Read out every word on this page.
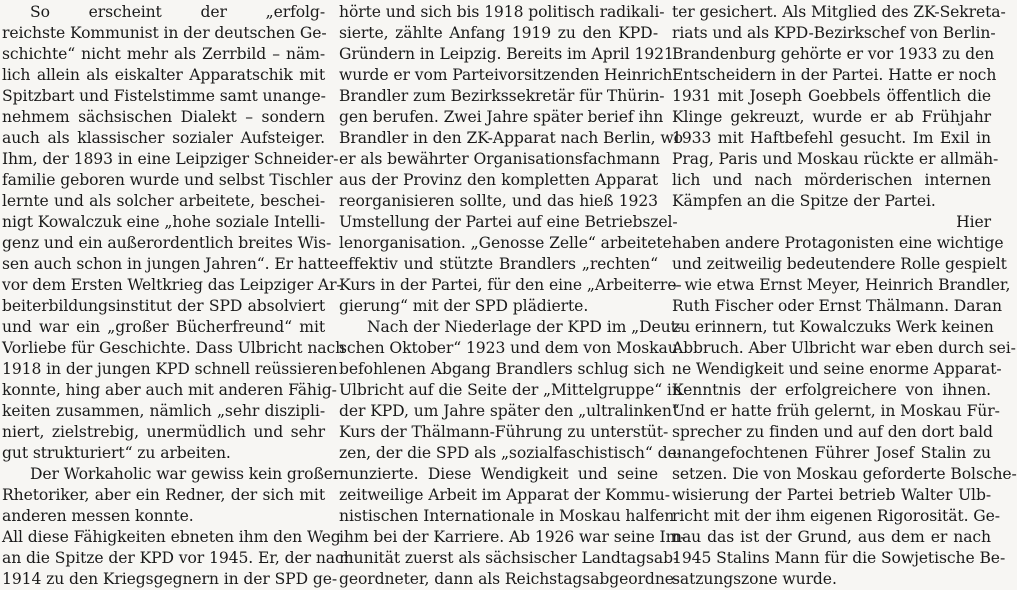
So erscheint der „erfolg-
reichste Kommunist in der deutschen Ge-
schichte“ nicht mehr als Zerrbild – näm-
lich allein als eiskalter Apparatschik mit
Spitzbart und Fistelstimme samt unange-
nehmem sächsischen Dialekt – sondern
auch als klassischer sozialer Aufsteiger.
Ihm, der 1893 in eine Leipziger Schneider-
familie geboren wurde und selbst Tischler
lernte und als solcher arbeitete, beschei-
nigt Kowalczuk eine „hohe soziale Intelli-
genz und ein außerordentlich breites Wis-
sen auch schon in jungen Jahren“. Er hatte
vor dem Ersten Weltkrieg das Leipziger Ar-
beiterbildungsinstitut der SPD absolviert
und war ein „großer Bücherfreund“ mit
Vorliebe für Geschichte. Dass Ulbricht nach
1918 in der jungen KPD schnell reüssieren
konnte, hing aber auch mit anderen Fähig-
keiten zusammen, nämlich „sehr diszipli-
niert, zielstrebig, unermüdlich und sehr
gut strukturiert“ zu arbeiten.
Der Workaholic war gewiss kein großer
Rhetoriker, aber ein Redner, der sich mit
anderen messen konnte.
All diese Fähigkeiten ebneten ihm den Weg
an die Spitze der KPD vor 1945. Er, der nach
1914 zu den Kriegsgegnern in der SPD ge-
hörte und sich bis 1918 politisch radikali-
sierte, zählte Anfang 1919 zu den KPD-
Gründern in Leipzig. Bereits im April 1921
wurde er vom Parteivorsitzenden Heinrich
Brandler zum Bezirkssekretär für Thürin-
gen berufen. Zwei Jahre später berief ihn
Brandler in den ZK-Apparat nach Berlin, wo
er als bewährter Organisationsfachmann
aus der Provinz den kompletten Apparat
reorganisieren sollte, und das hieß 1923
Umstellung der Partei auf eine Betriebszel-
lenorganisation. „Genosse Zelle“ arbeitete
effektiv und stützte Brandlers „rechten“
Kurs in der Partei, für den eine „Arbeiterre-
gierung“ mit der SPD plädierte.
Nach der Niederlage der KPD im „Deut-
schen Oktober“ 1923 und dem von Moskau
befohlenen Abgang Brandlers schlug sich
Ulbricht auf die Seite der „Mittelgruppe“ in
der KPD, um Jahre später den „ultralinken“
Kurs der Thälmann-Führung zu unterstüt-
zen, der die SPD als „sozialfaschistisch“ de-
nunzierte. Diese Wendigkeit und seine
zeitweilige Arbeit im Apparat der Kommu-
nistischen Internationale in Moskau halfen
ihm bei der Karriere. Ab 1926 war seine Im-
munität zuerst als sächsischer Landtagsab-
geordneter, dann als Reichstagsabgeordne-
ter gesichert. Als Mitglied des ZK-Sekreta-
riats und als KPD-Bezirkschef von Berlin-
Brandenburg gehörte er vor 1933 zu den
Entscheidern in der Partei. Hatte er noch
1931 mit Joseph Goebbels öffentlich die
Klinge gekreuzt, wurde er ab Frühjahr
1933 mit Haftbefehl gesucht. Im Exil in
Prag, Paris und Moskau rückte er allmäh-
lich und nach mörderischen internen
Kämpfen an die Spitze der Partei.
Hier
haben andere Protagonisten eine wichtige
und zeitweilig bedeutendere Rolle gespielt
– wie etwa Ernst Meyer, Heinrich Brandler,
Ruth Fischer oder Ernst Thälmann. Daran
zu erinnern, tut Kowalczuks Werk keinen
Abbruch. Aber Ulbricht war eben durch sei-
ne Wendigkeit und seine enorme Apparat-
Kenntnis der erfolgreichere von ihnen.
Und er hatte früh gelernt, in Moskau Für-
sprecher zu finden und auf den dort bald
unangefochtenen Führer Josef Stalin zu
setzen. Die von Moskau geforderte Bolsche-
wisierung der Partei betrieb Walter Ulb-
richt mit der ihm eigenen Rigorosität. Ge-
nau das ist der Grund, aus dem er nach
1945 Stalins Mann für die Sowjetische Be-
satzungszone wurde.
